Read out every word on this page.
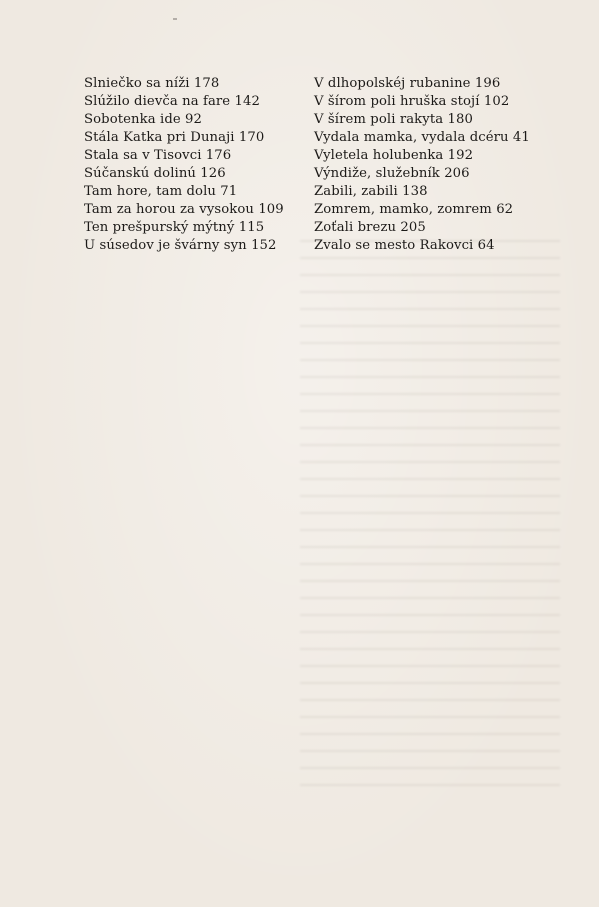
Slniečko sa níži 178
Slúžilo dievča na fare 142
Sobotenka ide 92
Stála Katka pri Dunaji 170
Stala sa v Tisovci 176
Súčanskú dolinú 126
Tam hore, tam dolu 71
Tam za horou za vysokou 109
Ten prešpurský mýtný 115
U súsedov je švárny syn 152
V dlhopolskéj rubanine 196
V šírom poli hruška stojí 102
V šírem poli rakyta 180
Vydala mamka, vydala dcéru 41
Vyletela holubenka 192
Výndiže, služebník 206
Zabili, zabili 138
Zomrem, mamko, zomrem 62
Zoťali brezu 205
Zvalo se mesto Rakovci 64
